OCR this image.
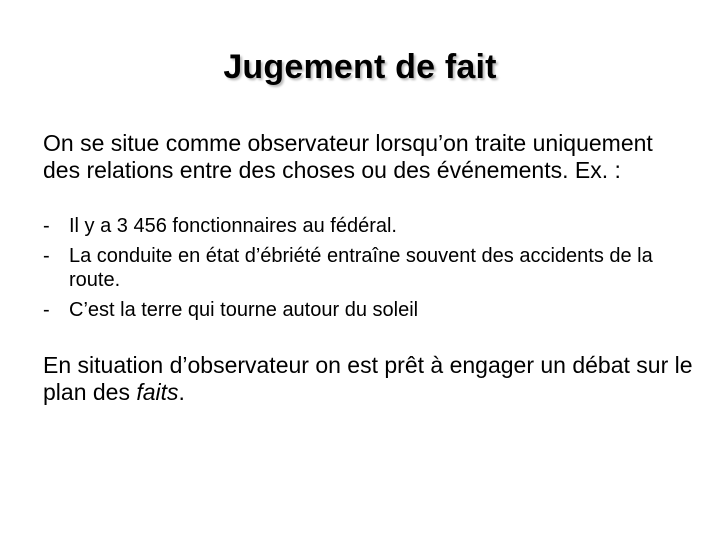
Jugement de fait

On se situe comme observateur lorsqu’on traite uniquement des relations entre des choses ou des événements. Ex. :

- Il y a 3 456 fonctionnaires au fédéral.
- La conduite en état d’ébriété entraîne souvent des accidents de la route.
- C’est la terre qui tourne autour du soleil

En situation d’observateur on est prêt à engager un débat sur le plan des faits.
